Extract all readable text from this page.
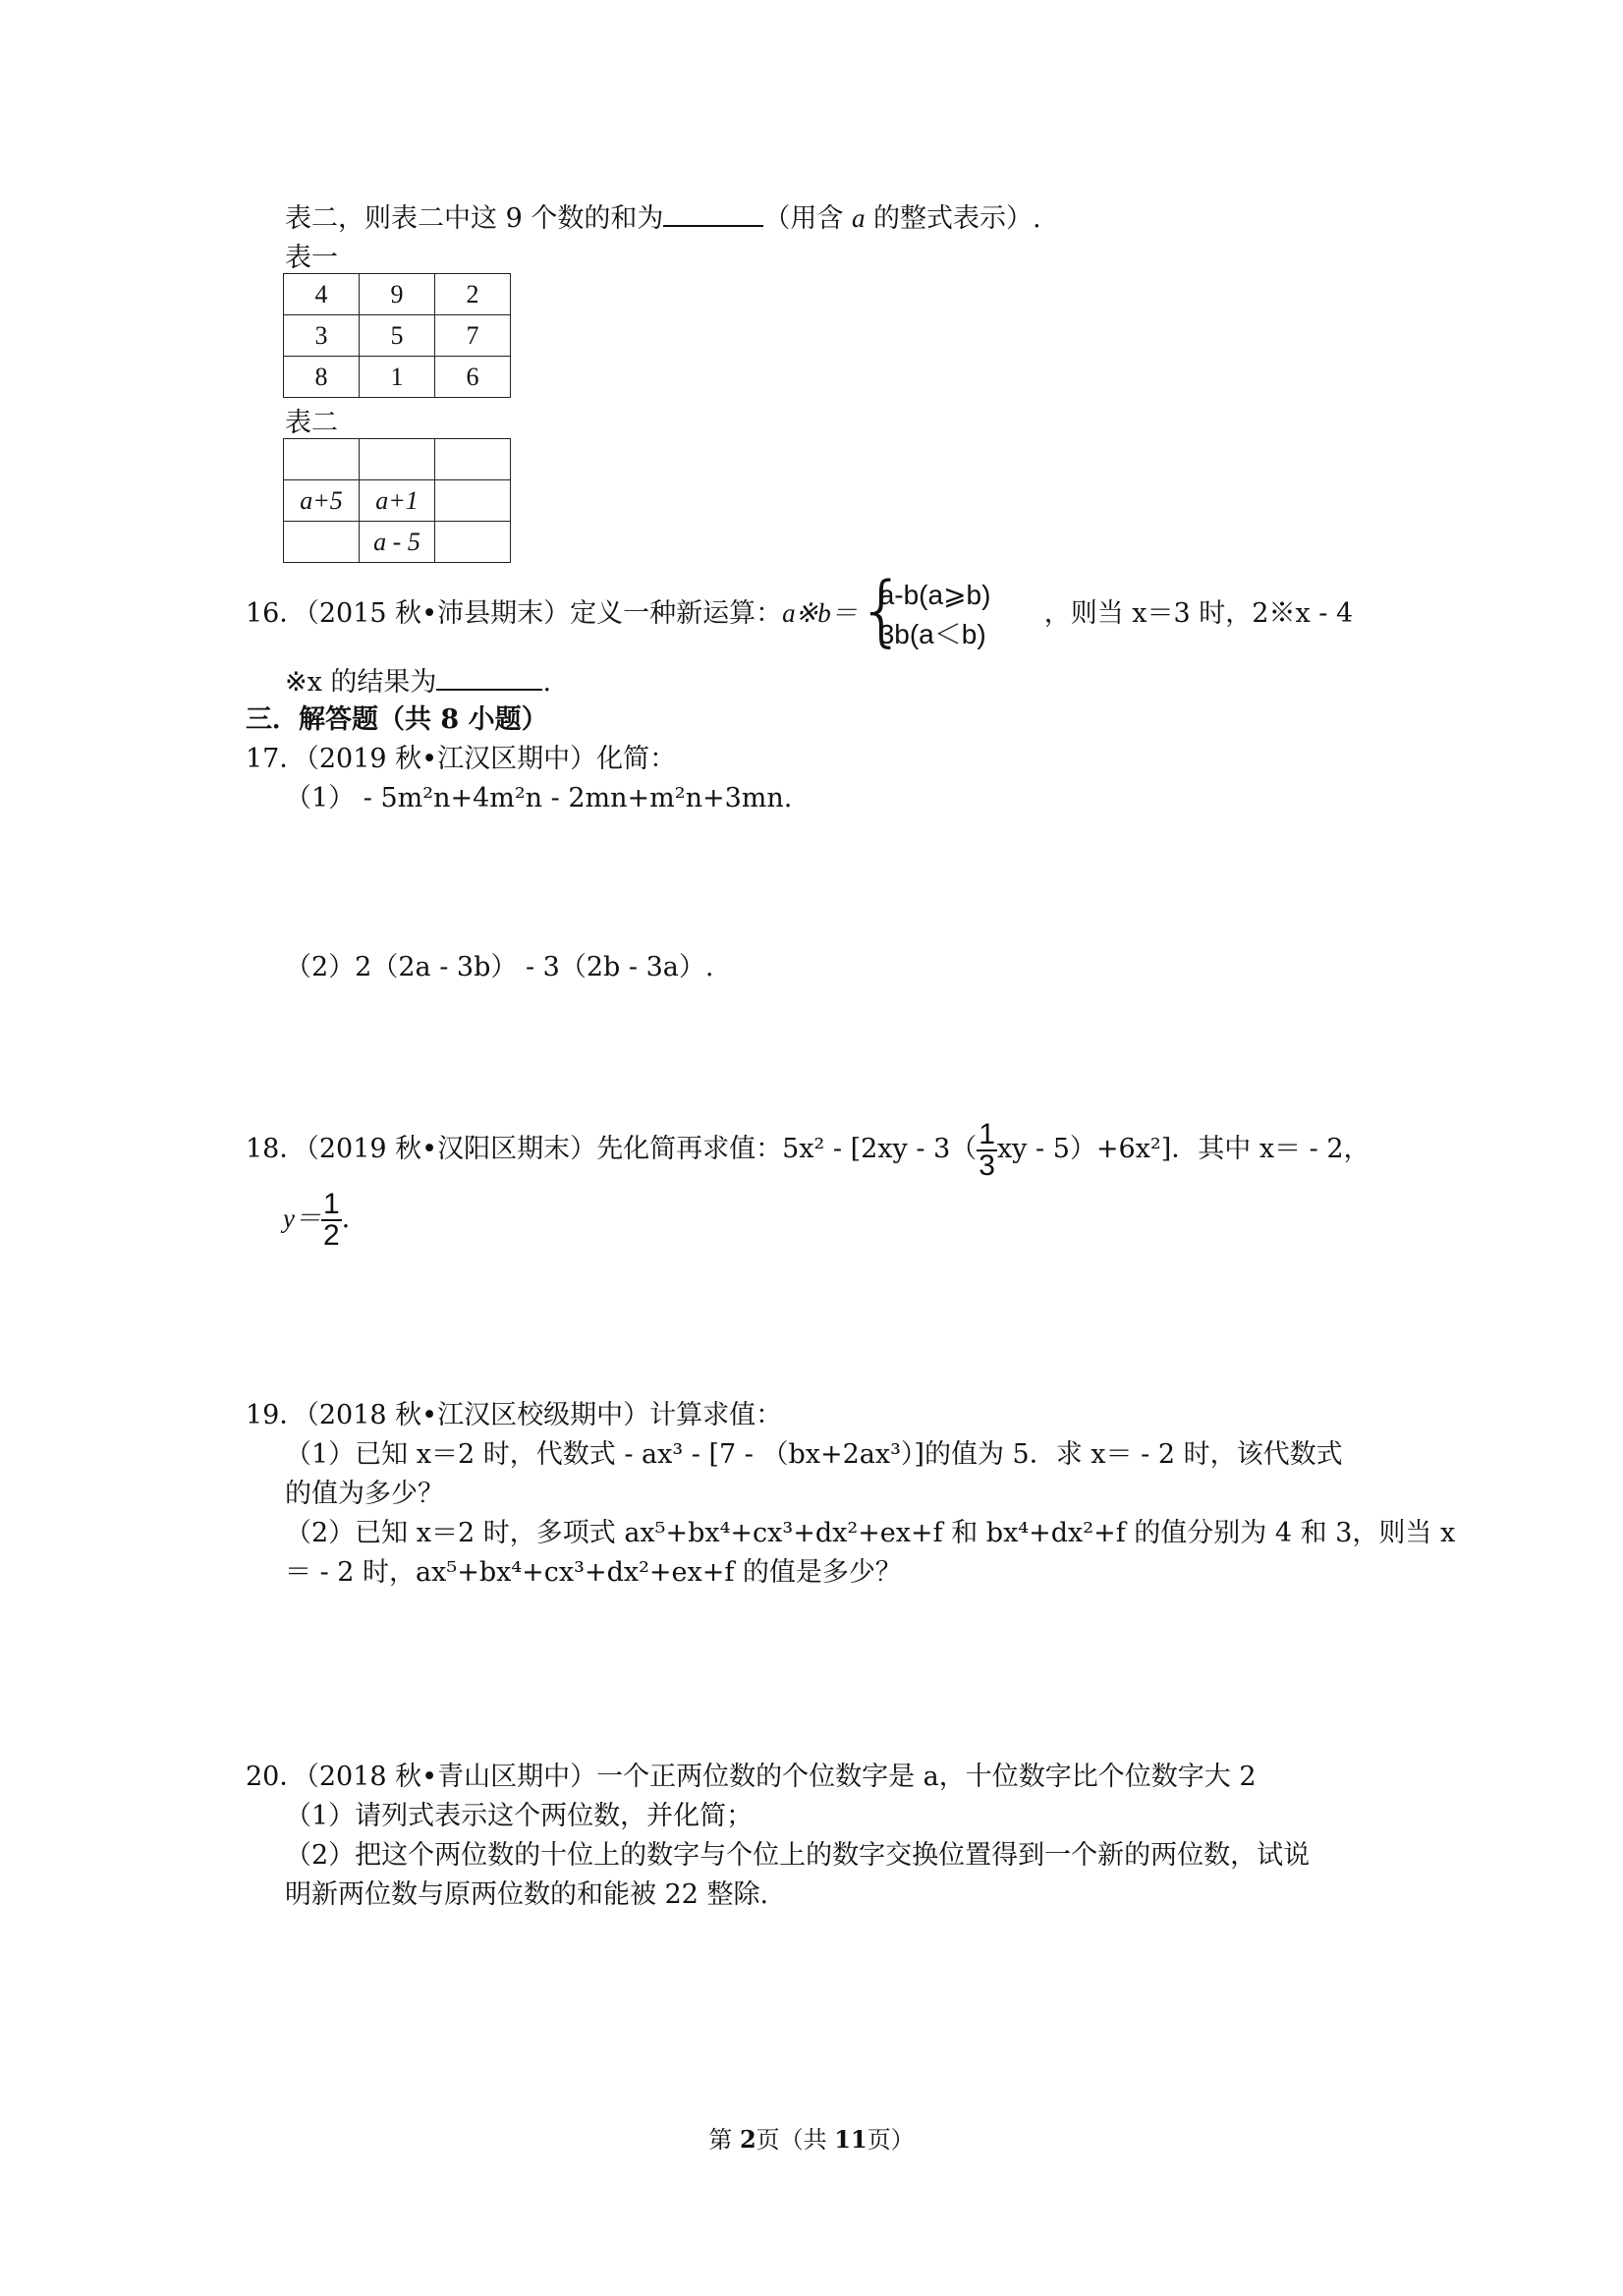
表二，则表二中这 9 个数的和为	（用含 a 的整式表示）.
表一
4	9	2
3	5	7
8	1	6
表二

a+5	a+1	
	a - 5	
16．（2015 秋•沛县期末）定义一种新运算：a※b＝ {
a-b(a⩾b)
3b(a＜b)
，则当 x＝3 时，2※x - 4
※x 的结果为	.
三．解答题（共 8 小题）
17．（2019 秋•江汉区期中）化简：
（1） - 5m²n+4m²n - 2mn+m²n+3mn.
（2）2（2a - 3b） - 3（2b - 3a）.
18．（2019 秋•汉阳区期末）先化简再求值：$5x^2 - [2xy - 3( \frac{1}{3}$ xy - 5）+6x²]．其中 x＝ - 2，
$y= \frac{1}{2}$ .
19．（2018 秋•江汉区校级期中）计算求值：
（1）已知 x＝2 时，代数式 - ax³ - [7 - （bx+2ax³）]的值为 5．求 x＝ - 2 时，该代数式
的值为多少？
（2）已知 x＝2 时，多项式 ax⁵+bx⁴+cx³+dx²+ex+f 和 bx⁴+dx²+f 的值分别为 4 和 3，则当 x
＝ - 2 时，ax⁵+bx⁴+cx³+dx²+ex+f 的值是多少？
20．（2018 秋•青山区期中）一个正两位数的个位数字是 a，十位数字比个位数字大 2
（1）请列式表示这个两位数，并化简；
（2）把这个两位数的十位上的数字与个位上的数字交换位置得到一个新的两位数，试说
明新两位数与原两位数的和能被 22 整除.
第 2页（共 11页）
